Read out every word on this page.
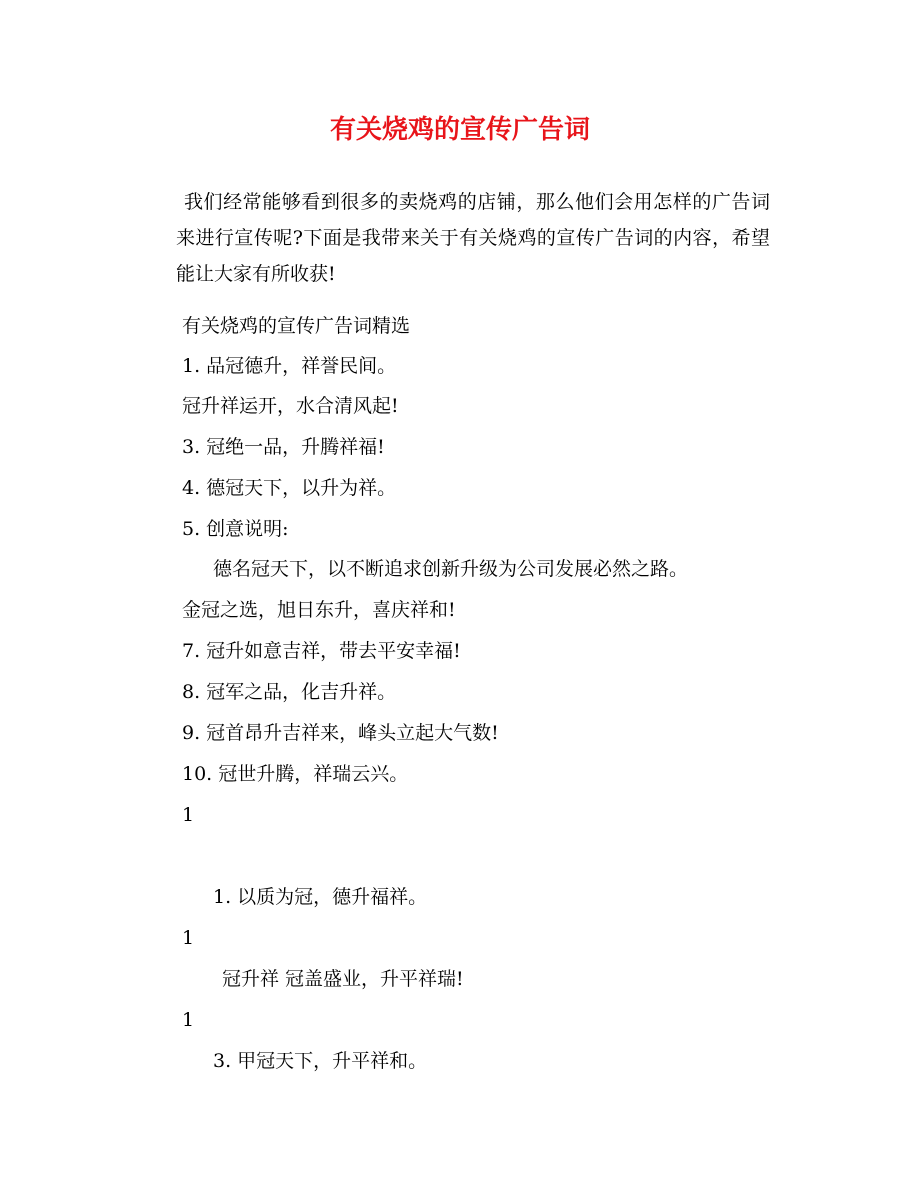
有关烧鸡的宣传广告词
我们经常能够看到很多的卖烧鸡的店铺，那么他们会用怎样的广告词来进行宣传呢?下面是我带来关于有关烧鸡的宣传广告词的内容，希望能让大家有所收获!
有关烧鸡的宣传广告词精选
1. 品冠德升，祥誉民间。
冠升祥运开，水合清风起!
3. 冠绝一品，升腾祥福!
4. 德冠天下，以升为祥。
5. 创意说明:
德名冠天下，以不断追求创新升级为公司发展必然之路。
金冠之选，旭日东升，喜庆祥和!
7. 冠升如意吉祥，带去平安幸福!
8. 冠军之品，化吉升祥。
9. 冠首昂升吉祥来，峰头立起大气数!
10. 冠世升腾，祥瑞云兴。
1
1. 以质为冠，德升福祥。
1
冠升祥 冠盖盛业，升平祥瑞!
1
3. 甲冠天下，升平祥和。
